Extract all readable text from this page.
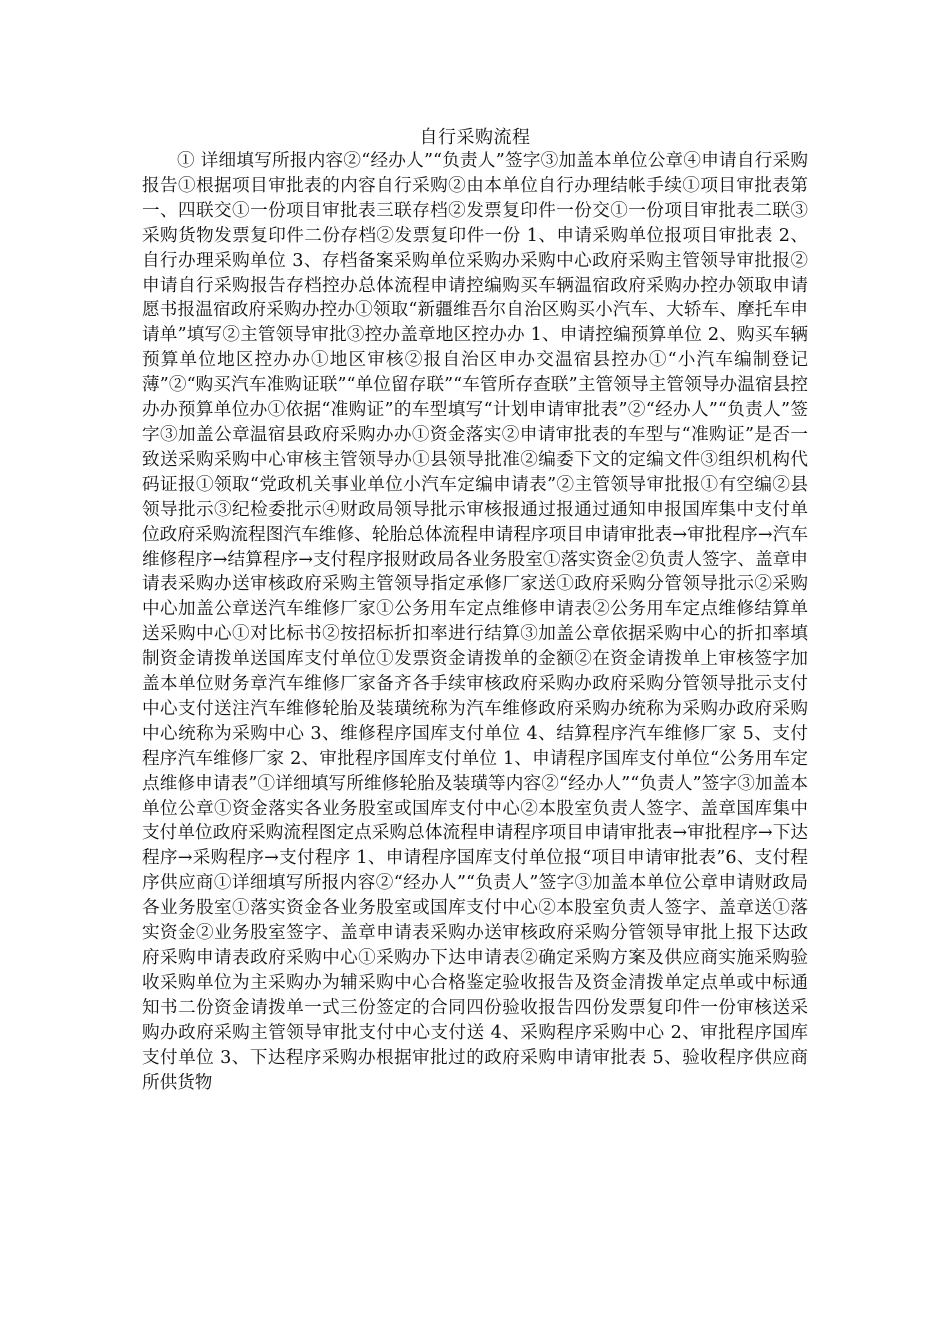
自行采购流程

① 详细填写所报内容②“经办人”“负责人”签字③加盖本单位公章④申请自行采购报告①根据项目审批表的内容自行采购②由本单位自行办理结帐手续①项目审批表第一、四联交①一份项目审批表三联存档②发票复印件一份交①一份项目审批表二联③采购货物发票复印件二份存档②发票复印件一份 1、申请采购单位报项目审批表 2、自行办理采购单位 3、存档备案采购单位采购办采购中心政府采购主管领导审批报②申请自行采购报告存档控办总体流程申请控编购买车辆温宿政府采购办控办领取申请愿书报温宿政府采购办控办①领取“新疆维吾尔自治区购买小汽车、大轿车、摩托车申请单”填写②主管领导审批③控办盖章地区控办办 1、申请控编预算单位 2、购买车辆预算单位地区控办办①地区审核②报自治区申办交温宿县控办①“小汽车编制登记薄”②“购买汽车准购证联”“单位留存联”“车管所存查联”主管领导主管领导办温宿县控办办预算单位办①依据“准购证”的车型填写“计划申请审批表”②“经办人”“负责人”签字③加盖公章温宿县政府采购办办①资金落实②申请审批表的车型与“准购证”是否一致送采购采购中心审核主管领导办①县领导批准②编委下文的定编文件③组织机构代码证报①领取“党政机关事业单位小汽车定编申请表”②主管领导审批报①有空编②县领导批示③纪检委批示④财政局领导批示审核报通过报通过通知申报国库集中支付单位政府采购流程图汽车维修、轮胎总体流程申请程序项目申请审批表→审批程序→汽车维修程序→结算程序→支付程序报财政局各业务股室①落实资金②负责人签字、盖章申请表采购办送审核政府采购主管领导指定承修厂家送①政府采购分管领导批示②采购中心加盖公章送汽车维修厂家①公务用车定点维修申请表②公务用车定点维修结算单送采购中心①对比标书②按招标折扣率进行结算③加盖公章依据采购中心的折扣率填制资金请拨单送国库支付单位①发票资金请拨单的金额②在资金请拨单上审核签字加盖本单位财务章汽车维修厂家备齐各手续审核政府采购办政府采购分管领导批示支付中心支付送注汽车维修轮胎及装璜统称为汽车维修政府采购办统称为采购办政府采购中心统称为采购中心 3、维修程序国库支付单位 4、结算程序汽车维修厂家 5、支付程序汽车维修厂家 2、审批程序国库支付单位 1、申请程序国库支付单位“公务用车定点维修申请表”①详细填写所维修轮胎及装璜等内容②“经办人”“负责人”签字③加盖本单位公章①资金落实各业务股室或国库支付中心②本股室负责人签字、盖章国库集中支付单位政府采购流程图定点采购总体流程申请程序项目申请审批表→审批程序→下达程序→采购程序→支付程序 1、申请程序国库支付单位报“项目申请审批表”6、支付程序供应商①详细填写所报内容②“经办人”“负责人”签字③加盖本单位公章申请财政局各业务股室①落实资金各业务股室或国库支付中心②本股室负责人签字、盖章送①落实资金②业务股室签字、盖章申请表采购办送审核政府采购分管领导审批上报下达政府采购申请表政府采购中心①采购办下达申请表②确定采购方案及供应商实施采购验收采购单位为主采购办为辅采购中心合格鉴定验收报告及资金清拨单定点单或中标通知书二份资金请拨单一式三份签定的合同四份验收报告四份发票复印件一份审核送采购办政府采购主管领导审批支付中心支付送 4、采购程序采购中心 2、审批程序国库支付单位 3、下达程序采购办根据审批过的政府采购申请审批表 5、验收程序供应商所供货物
